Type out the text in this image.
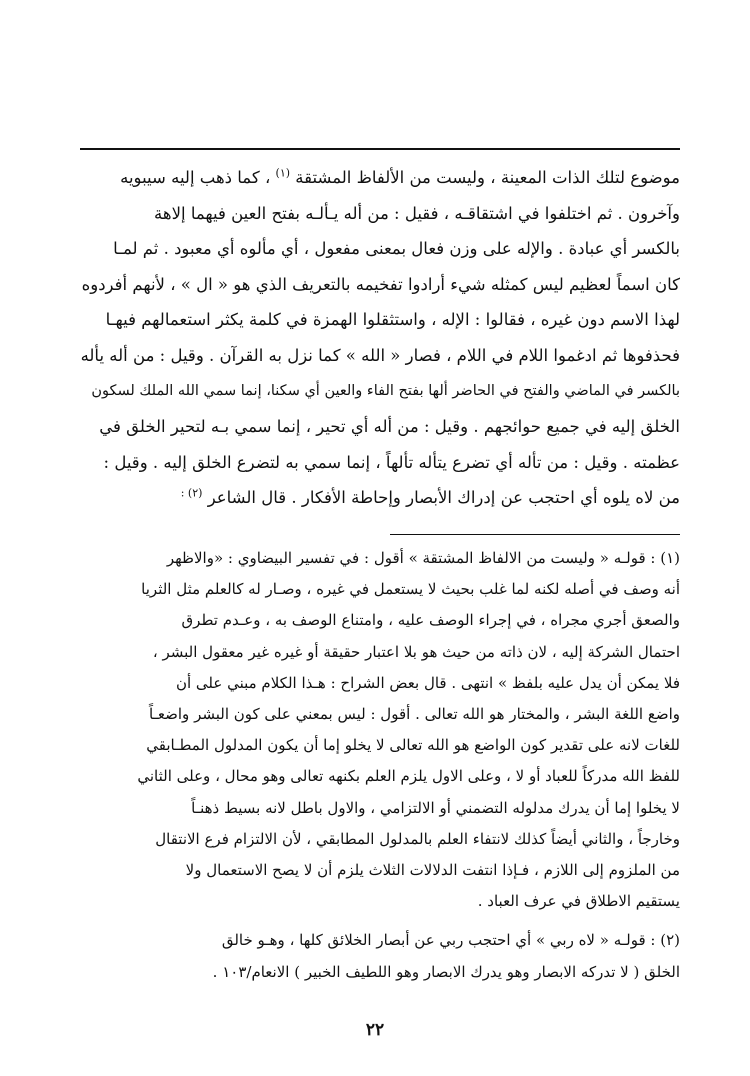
موضوع لتلك الذات المعينة ، وليست من الألفاظ المشتقة $^{(١)}$ ، كما ذهب إليه سيبويه
وآخرون . ثم اختلفوا في اشتقاقـه ، فقيل : من أله يـألـه بفتح العين فيهما إلاهة
بالكسر أي عبادة . والإله على وزن فعال بمعنى مفعول ، أي مألوه أي معبود . ثم لمـا
كان اسماً لعظيم ليس كمثله شيء أرادوا تفخيمه بالتعريف الذي هو « ال » ، لأنهم أفردوه
لهذا الاسم دون غيره ، فقالوا : الإله ، واستثقلوا الهمزة في كلمة يكثر استعمالهم فيهـا
فحذفوها ثم ادغموا اللام في اللام ، فصار « الله » كما نزل به القرآن . وقيل : من أله يأله
بالكسر في الماضي والفتح في الحاضر ألها بفتح الفاء والعين أي سكنا، إنما سمي الله الملك لسكون
الخلق إليه في جميع حوائجهم . وقيل : من أله أي تحير ، إنما سمي بـه لتحير الخلق في
عظمته . وقيل : من تأله أي تضرع يتأله تألهاً ، إنما سمي به لتضرع الخلق إليه . وقيل :
من لاه يلوه أي احتجب عن إدراك الأبصار وإحاطة الأفكار . قال الشاعر $^{(٢) :}$
(١) : قولـه « وليست من الالفاظ المشتقة » أقول : في تفسير البيضاوي : «والاظهر
أنه وصف في أصله لكنه لما غلب بحيث لا يستعمل في غيره ، وصـار له كالعلم مثل الثريا
والصعق أجري مجراه ، في إجراء الوصف عليه ، وامتناع الوصف به ، وعـدم تطرق
احتمال الشركة إليه ، لان ذاته من حيث هو بلا اعتبار حقيقة أو غيره غير معقول البشر ،
فلا يمكن أن يدل عليه بلفظ » انتهى . قال بعض الشراح : هـذا الكلام مبني على أن
واضع اللغة البشر ، والمختار هو الله تعالى . أقول : ليس بمعني على كون البشر واضعـاً
للغات لانه على تقدير كون الواضع هو الله تعالى لا يخلو إما أن يكون المدلول المطـابقي
للفظ الله مدركاً للعباد أو لا ، وعلى الاول يلزم العلم بكنهه تعالى وهو محال ، وعلى الثاني
لا يخلوا إما أن يدرك مدلوله التضمني أو الالتزامي ، والاول باطل لانه بسيط ذهنـاً
وخارجاً ، والثاني أيضاً كذلك لانتفاء العلم بالمدلول المطابقي ، لأن الالتزام فرع الانتقال
من الملزوم إلى اللازم ، فـإذا انتفت الدلالات الثلاث يلزم أن لا يصح الاستعمال ولا
يستقيم الاطلاق في عرف العباد .
(٢) : قولـه « لاه ربي » أي احتجب ربي عن أبصار الخلائق كلها ، وهـو خالق
الخلق ( لا تدركه الابصار وهو يدرك الابصار وهو اللطيف الخبير ) الانعام/١٠٣ .
٢٢
